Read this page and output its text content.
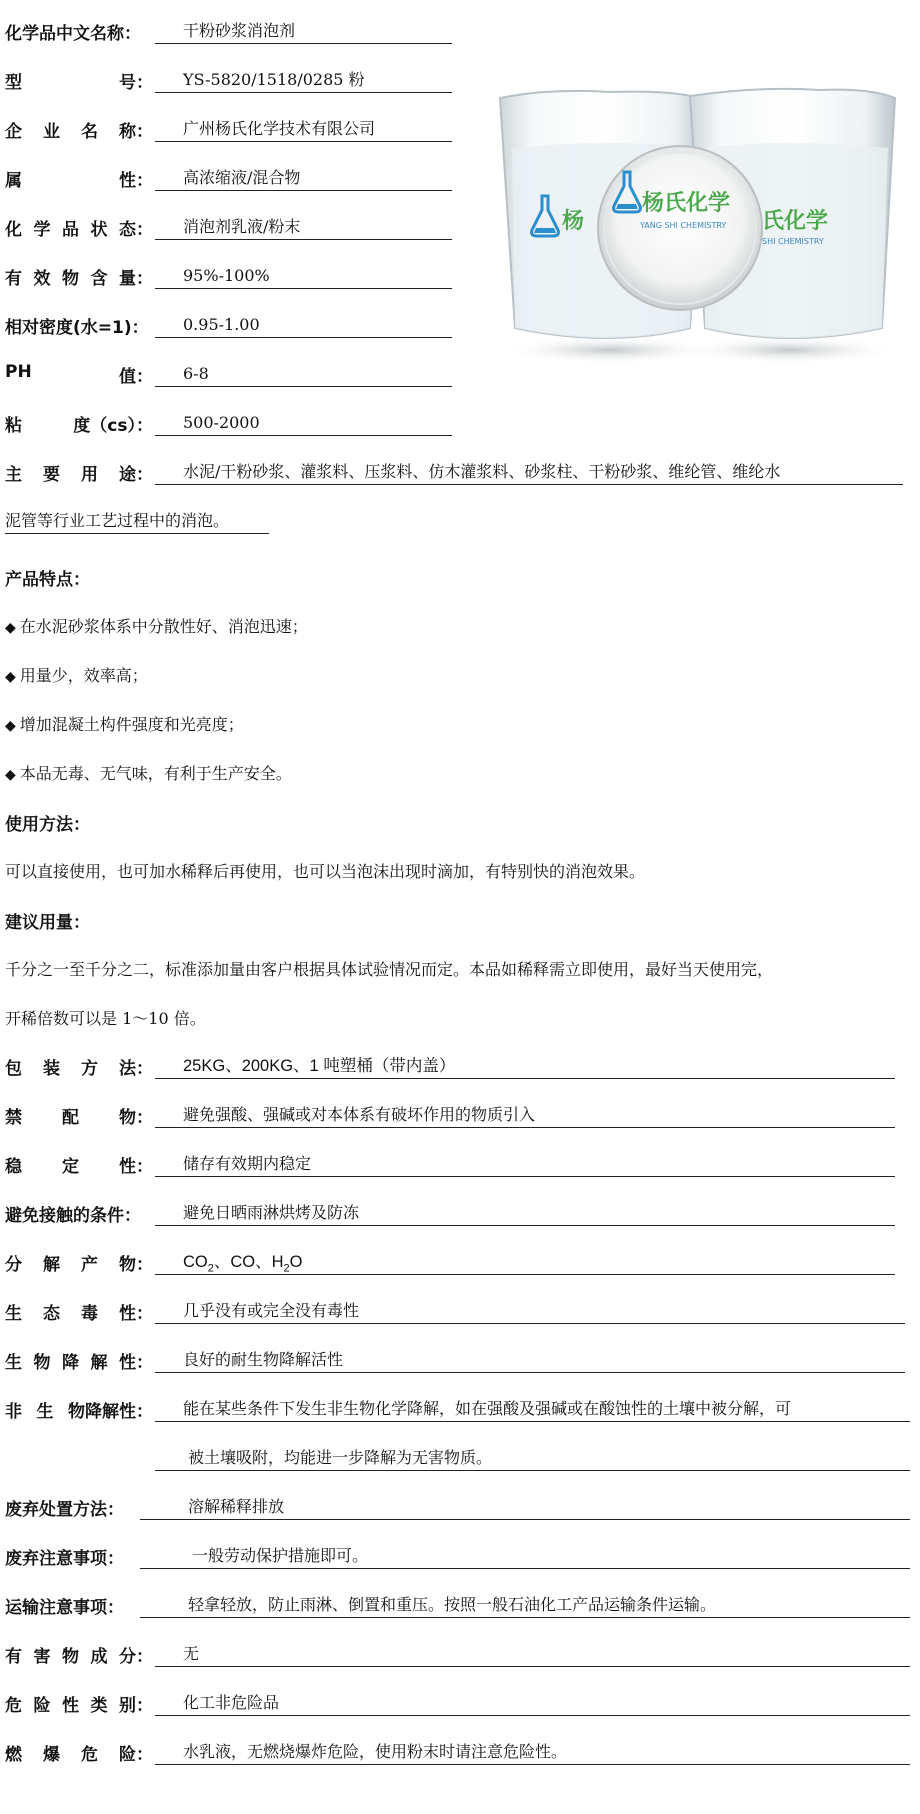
化学品中文名称：	干粉砂浆消泡剂
型	号：	YS-5820/1518/0285 粉
企 业 名 称：	广州杨氏化学技术有限公司
属	性：	高浓缩液/混合物
化 学 品 状 态：	消泡剂乳液/粉末
有 效 物 含 量：	95%-100%
相对密度(水=1)：	0.95-1.00
PH	值：	6-8
粘	度（cs）：	500-2000
主 要 用 途：	水泥/干粉砂浆、灌浆料、压浆料、仿木灌浆料、砂浆柱、干粉砂浆、维纶管、维纶水
泥管等行业工艺过程中的消泡。
杨
杨氏化学
YANG SHI CHEMISTRY 氏化学
SHI CHEMISTRY
产品特点：
◆ 在水泥砂浆体系中分散性好、消泡迅速；
◆ 用量少，效率高；
◆ 增加混凝土构件强度和光亮度；
◆ 本品无毒、无气味，有利于生产安全。
使用方法：
可以直接使用，也可加水稀释后再使用，也可以当泡沫出现时滴加，有特别快的消泡效果。
建议用量：
千分之一至千分之二，标准添加量由客户根据具体试验情况而定。本品如稀释需立即使用，最好当天使用完，
开稀倍数可以是 1～10 倍。
包 装 方 法：	25KG、200KG、1 吨塑桶（带内盖）
禁 配 物：	避免强酸、强碱或对本体系有破坏作用的物质引入
稳 定 性：	储存有效期内稳定
避免接触的条件：	避免日晒雨淋烘烤及防冻
分 解 产 物：	$CO_2$、CO、$H_2O$
生 态 毒 性：	几乎没有或完全没有毒性
生 物 降 解 性：	良好的耐生物降解活性
非 生 物降解性：	能在某些条件下发生非生物化学降解，如在强酸及强碱或在酸蚀性的土壤中被分解，可
被土壤吸附，均能进一步降解为无害物质。
废弃处置方法：	溶解稀释排放
废弃注意事项：	一般劳动保护措施即可。
运输注意事项：	轻拿轻放，防止雨淋、倒置和重压。按照一般石油化工产品运输条件运输。
有 害 物 成 分：	无
危 险 性 类 别：	化工非危险品
燃 爆 危 险：	水乳液，无燃烧爆炸危险，使用粉末时请注意危险性。
